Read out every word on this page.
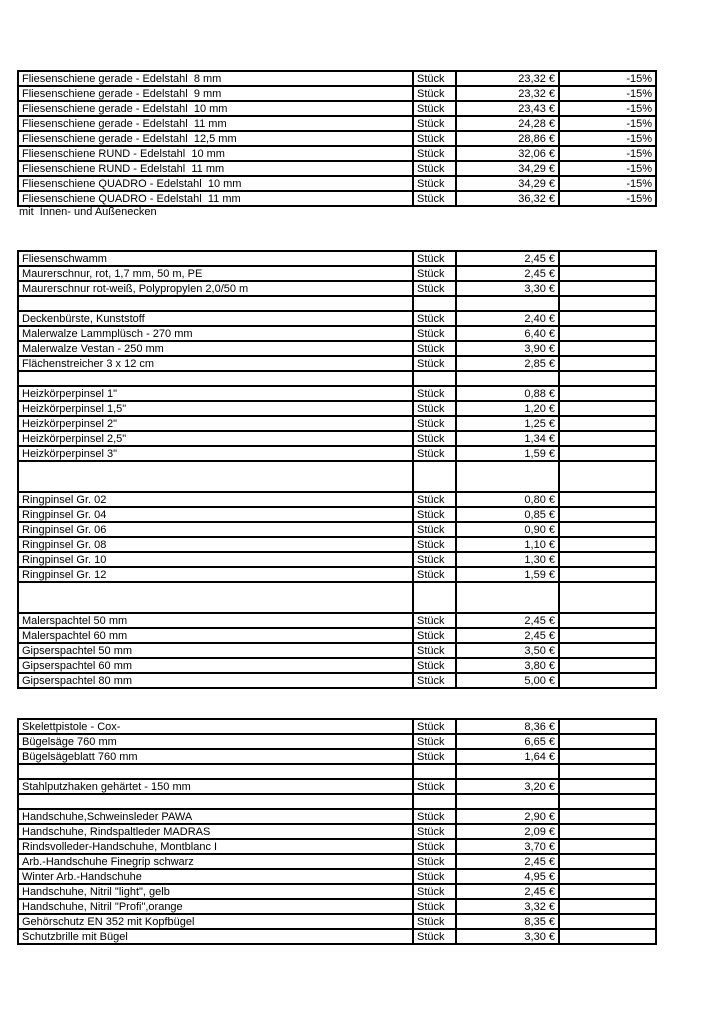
Fliesenschiene gerade - Edelstahl  8 mm	Stück	23,32 €	-15%
Fliesenschiene gerade - Edelstahl  9 mm	Stück	23,32 €	-15%
Fliesenschiene gerade - Edelstahl  10 mm	Stück	23,43 €	-15%
Fliesenschiene gerade - Edelstahl  11 mm	Stück	24,28 €	-15%
Fliesenschiene gerade - Edelstahl  12,5 mm	Stück	28,86 €	-15%
Fliesenschiene RUND - Edelstahl  10 mm	Stück	32,06 €	-15%
Fliesenschiene RUND - Edelstahl  11 mm	Stück	34,29 €	-15%
Fliesenschiene QUADRO - Edelstahl  10 mm	Stück	34,29 €	-15%
Fliesenschiene QUADRO - Edelstahl  11 mm	Stück	36,32 €	-15%
mit  Innen- und Außenecken
Fliesenschwamm	Stück	2,45 €	
Maurerschnur, rot, 1,7 mm, 50 m, PE	Stück	2,45 €	
Maurerschnur rot-weiß, Polypropylen 2,0/50 m	Stück	3,30 €	

Deckenbürste, Kunststoff	Stück	2,40 €	
Malerwalze Lammplüsch - 270 mm	Stück	6,40 €	
Malerwalze Vestan - 250 mm	Stück	3,90 €	
Flächenstreicher 3 x 12 cm	Stück	2,85 €	

Heizkörperpinsel 1"	Stück	0,88 €	
Heizkörperpinsel 1,5"	Stück	1,20 €	
Heizkörperpinsel 2"	Stück	1,25 €	
Heizkörperpinsel 2,5"	Stück	1,34 €	
Heizkörperpinsel 3"	Stück	1,59 €	

Ringpinsel Gr. 02	Stück	0,80 €	
Ringpinsel Gr. 04	Stück	0,85 €	
Ringpinsel Gr. 06	Stück	0,90 €	
Ringpinsel Gr. 08	Stück	1,10 €	
Ringpinsel Gr. 10	Stück	1,30 €	
Ringpinsel Gr. 12	Stück	1,59 €	

Malerspachtel 50 mm	Stück	2,45 €	
Malerspachtel 60 mm	Stück	2,45 €	
Gipserspachtel 50 mm	Stück	3,50 €	
Gipserspachtel 60 mm	Stück	3,80 €	
Gipserspachtel 80 mm	Stück	5,00 €	
Skelettpistole - Cox-	Stück	8,36 €	
Bügelsäge 760 mm	Stück	6,65 €	
Bügelsägeblatt 760 mm	Stück	1,64 €	

Stahlputzhaken gehärtet - 150 mm	Stück	3,20 €	

Handschuhe,Schweinsleder PAWA	Stück	2,90 €	
Handschuhe, Rindspaltleder MADRAS	Stück	2,09 €	
Rindsvolleder-Handschuhe, Montblanc I	Stück	3,70 €	
Arb.-Handschuhe Finegrip schwarz	Stück	2,45 €	
Winter Arb.-Handschuhe	Stück	4,95 €	
Handschuhe, Nitril "light", gelb	Stück	2,45 €	
Handschuhe, Nitril "Profi",orange	Stück	3,32 €	
Gehörschutz EN 352 mit Kopfbügel	Stück	8,35 €	
Schutzbrille mit Bügel	Stück	3,30 €	
